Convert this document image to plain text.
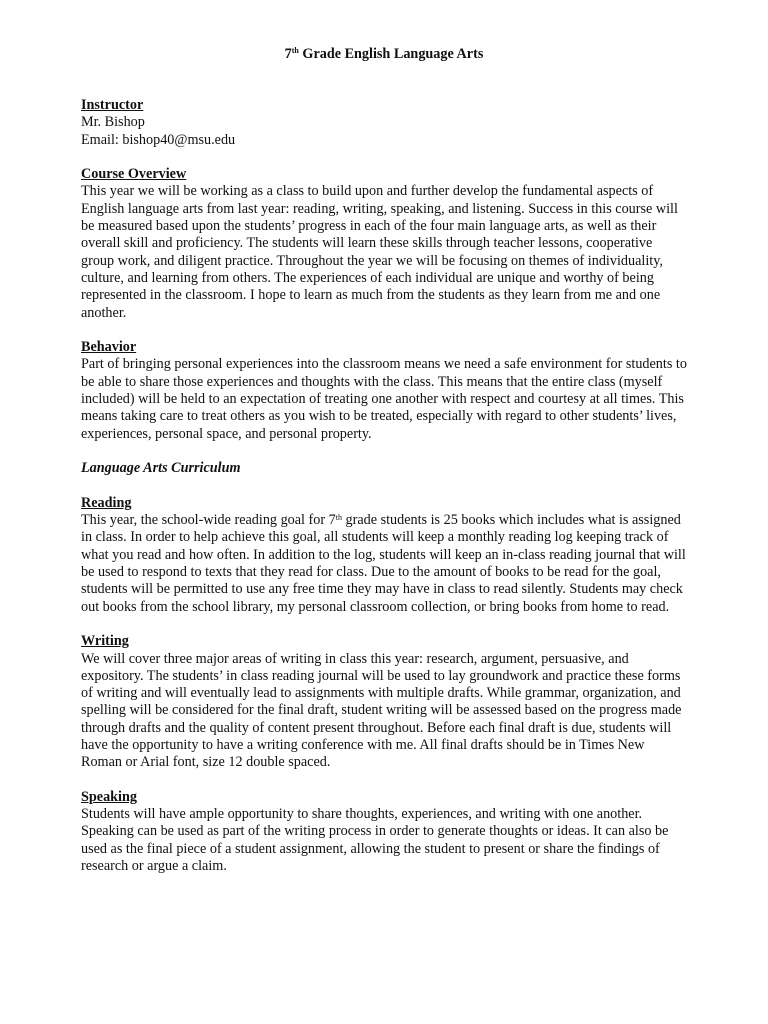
7th Grade English Language Arts
Instructor
Mr. Bishop
Email: bishop40@msu.edu
Course Overview
This year we will be working as a class to build upon and further develop the fundamental aspects of English language arts from last year: reading, writing, speaking, and listening. Success in this course will be measured based upon the students’ progress in each of the four main language arts, as well as their overall skill and proficiency. The students will learn these skills through teacher lessons, cooperative group work, and diligent practice. Throughout the year we will be focusing on themes of individuality, culture, and learning from others. The experiences of each individual are unique and worthy of being represented in the classroom. I hope to learn as much from the students as they learn from me and one another.
Behavior
Part of bringing personal experiences into the classroom means we need a safe environment for students to be able to share those experiences and thoughts with the class. This means that the entire class (myself included) will be held to an expectation of treating one another with respect and courtesy at all times. This means taking care to treat others as you wish to be treated, especially with regard to other students’ lives, experiences, personal space, and personal property.
Language Arts Curriculum
Reading
This year, the school-wide reading goal for 7th grade students is 25 books which includes what is assigned in class. In order to help achieve this goal, all students will keep a monthly reading log keeping track of what you read and how often. In addition to the log, students will keep an in-class reading journal that will be used to respond to texts that they read for class. Due to the amount of books to be read for the goal, students will be permitted to use any free time they may have in class to read silently. Students may check out books from the school library, my personal classroom collection, or bring books from home to read.
Writing
We will cover three major areas of writing in class this year: research, argument, persuasive, and expository. The students’ in class reading journal will be used to lay groundwork and practice these forms of writing and will eventually lead to assignments with multiple drafts. While grammar, organization, and spelling will be considered for the final draft, student writing will be assessed based on the progress made through drafts and the quality of content present throughout. Before each final draft is due, students will have the opportunity to have a writing conference with me. All final drafts should be in Times New Roman or Arial font, size 12 double spaced.
Speaking
Students will have ample opportunity to share thoughts, experiences, and writing with one another. Speaking can be used as part of the writing process in order to generate thoughts or ideas. It can also be used as the final piece of a student assignment, allowing the student to present or share the findings of research or argue a claim.
